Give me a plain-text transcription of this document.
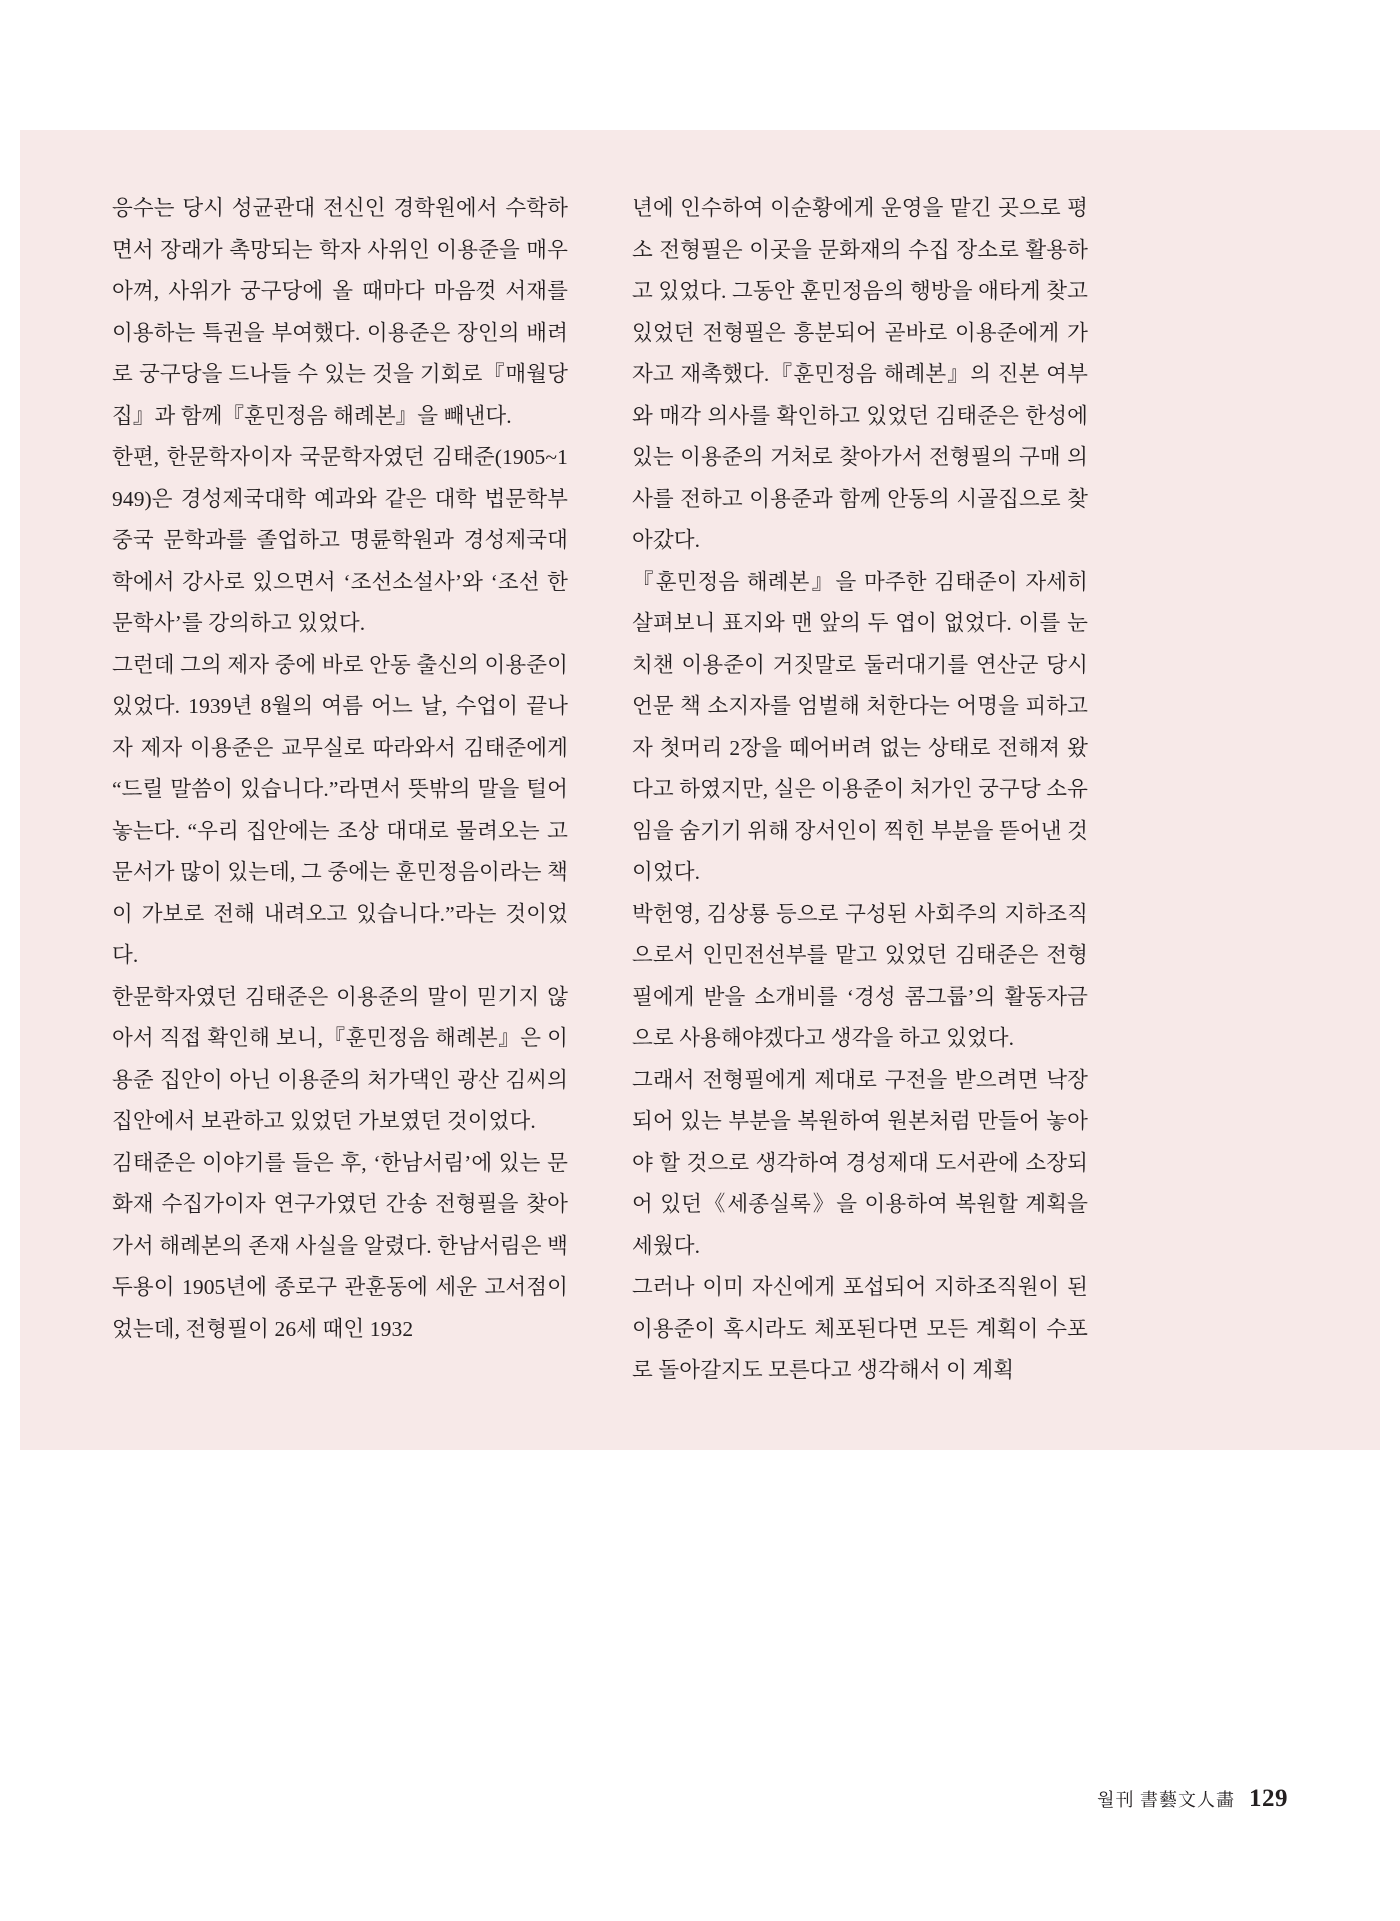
응수는 당시 성균관대 전신인 경학원에서 수학하면서 장래가 촉망되는 학자 사위인 이용준을 매우 아껴, 사위가 궁구당에 올 때마다 마음껏 서재를 이용하는 특권을 부여했다. 이용준은 장인의 배려로 궁구당을 드나들 수 있는 것을 기회로『매월당집』과 함께『훈민정음 해례본』을 빼낸다.

한편, 한문학자이자 국문학자였던 김태준(1905~1949)은 경성제국대학 예과와 같은 대학 법문학부 중국 문학과를 졸업하고 명륜학원과 경성제국대학에서 강사로 있으면서 ‘조선소설사’와 ‘조선 한문학사’를 강의하고 있었다.

그런데 그의 제자 중에 바로 안동 출신의 이용준이 있었다. 1939년 8월의 여름 어느 날, 수업이 끝나자 제자 이용준은 교무실로 따라와서 김태준에게 “드릴 말씀이 있습니다.”라면서 뜻밖의 말을 털어놓는다. “우리 집안에는 조상 대대로 물려오는 고문서가 많이 있는데, 그 중에는 훈민정음이라는 책이 가보로 전해 내려오고 있습니다.”라는 것이었다.

한문학자였던 김태준은 이용준의 말이 믿기지 않아서 직접 확인해 보니,『훈민정음 해례본』은 이용준 집안이 아닌 이용준의 처가댁인 광산 김씨의 집안에서 보관하고 있었던 가보였던 것이었다.

김태준은 이야기를 들은 후, ‘한남서림’에 있는 문화재 수집가이자 연구가였던 간송 전형필을 찾아가서 해례본의 존재 사실을 알렸다. 한남서림은 백두용이 1905년에 종로구 관훈동에 세운 고서점이었는데, 전형필이 26세 때인 1932

년에 인수하여 이순황에게 운영을 맡긴 곳으로 평소 전형필은 이곳을 문화재의 수집 장소로 활용하고 있었다. 그동안 훈민정음의 행방을 애타게 찾고 있었던 전형필은 흥분되어 곧바로 이용준에게 가자고 재촉했다.『훈민정음 해례본』의 진본 여부와 매각 의사를 확인하고 있었던 김태준은 한성에 있는 이용준의 거처로 찾아가서 전형필의 구매 의사를 전하고 이용준과 함께 안동의 시골집으로 찾아갔다.

『훈민정음 해례본』을 마주한 김태준이 자세히 살펴보니 표지와 맨 앞의 두 엽이 없었다. 이를 눈치챈 이용준이 거짓말로 둘러대기를 연산군 당시 언문 책 소지자를 엄벌해 처한다는 어명을 피하고자 첫머리 2장을 떼어버려 없는 상태로 전해져 왔다고 하였지만, 실은 이용준이 처가인 궁구당 소유임을 숨기기 위해 장서인이 찍힌 부분을 뜯어낸 것이었다.

박헌영, 김상룡 등으로 구성된 사회주의 지하조직으로서 인민전선부를 맡고 있었던 김태준은 전형필에게 받을 소개비를 ‘경성 콤그룹’의 활동자금으로 사용해야겠다고 생각을 하고 있었다.

그래서 전형필에게 제대로 구전을 받으려면 낙장 되어 있는 부분을 복원하여 원본처럼 만들어 놓아야 할 것으로 생각하여 경성제대 도서관에 소장되어 있던《세종실록》을 이용하여 복원할 계획을 세웠다.

그러나 이미 자신에게 포섭되어 지하조직원이 된 이용준이 혹시라도 체포된다면 모든 계획이 수포로 돌아갈지도 모른다고 생각해서 이 계획

월刊 書藝文人畵 129
